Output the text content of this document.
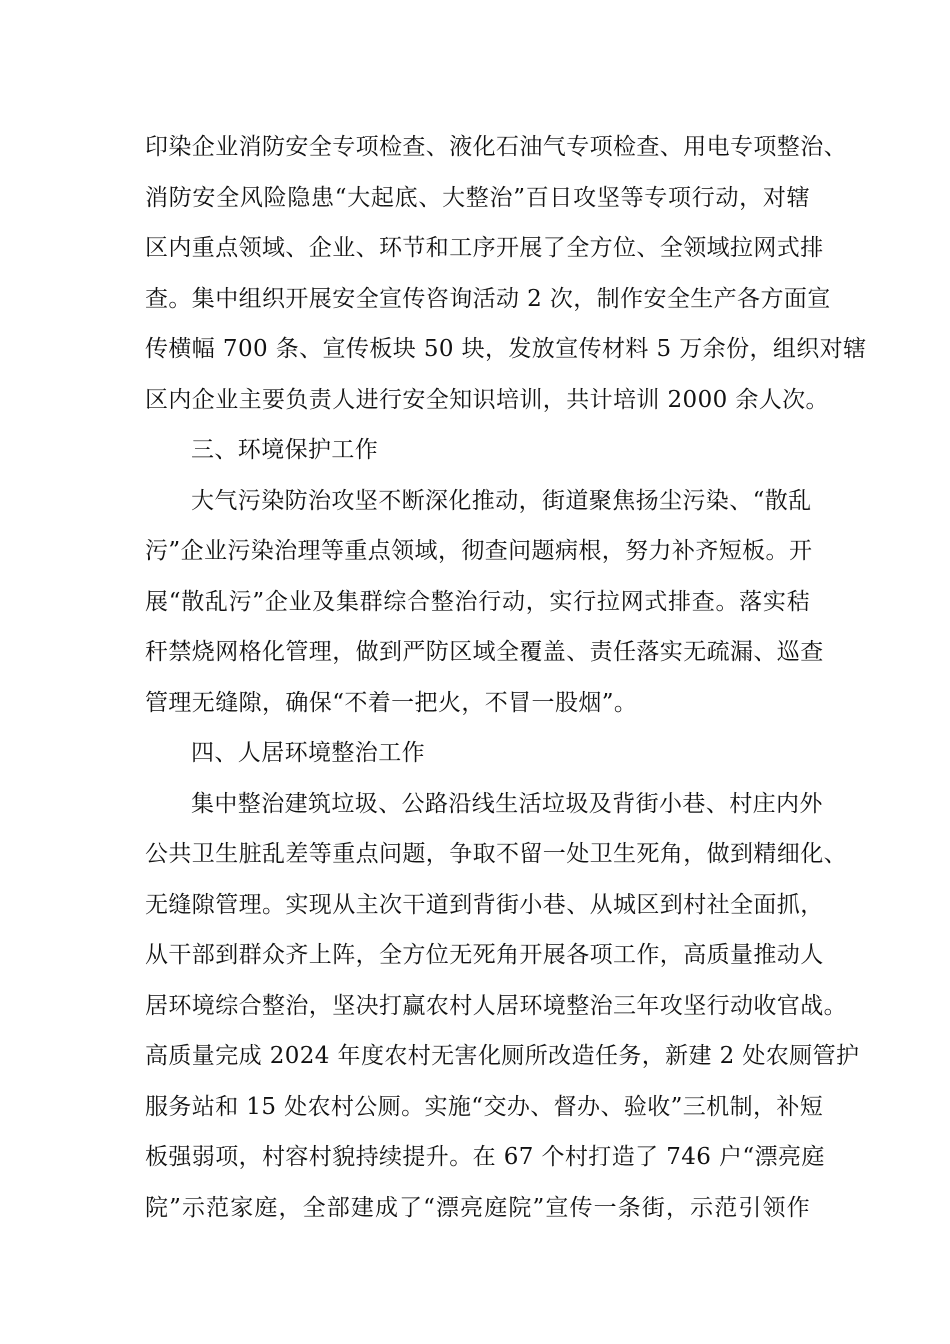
印染企业消防安全专项检查、液化石油气专项检查、用电专项整治、
消防安全风险隐患“大起底、大整治”百日攻坚等专项行动，对辖
区内重点领域、企业、环节和工序开展了全方位、全领域拉网式排
查。集中组织开展安全宣传咨询活动 2 次，制作安全生产各方面宣
传横幅 700 条、宣传板块 50 块，发放宣传材料 5 万余份，组织对辖
区内企业主要负责人进行安全知识培训，共计培训 2000 余人次。
三、环境保护工作
大气污染防治攻坚不断深化推动，街道聚焦扬尘污染、“散乱
污”企业污染治理等重点领域，彻查问题病根，努力补齐短板。开
展“散乱污”企业及集群综合整治行动，实行拉网式排查。落实秸
秆禁烧网格化管理，做到严防区域全覆盖、责任落实无疏漏、巡查
管理无缝隙，确保“不着一把火，不冒一股烟”。
四、人居环境整治工作
集中整治建筑垃圾、公路沿线生活垃圾及背街小巷、村庄内外
公共卫生脏乱差等重点问题，争取不留一处卫生死角，做到精细化、
无缝隙管理。实现从主次干道到背街小巷、从城区到村社全面抓，
从干部到群众齐上阵，全方位无死角开展各项工作，高质量推动人
居环境综合整治，坚决打赢农村人居环境整治三年攻坚行动收官战。
高质量完成 2024 年度农村无害化厕所改造任务，新建 2 处农厕管护
服务站和 15 处农村公厕。实施“交办、督办、验收”三机制，补短
板强弱项，村容村貌持续提升。在 67 个村打造了 746 户“漂亮庭
院”示范家庭，全部建成了“漂亮庭院”宣传一条街，示范引领作
